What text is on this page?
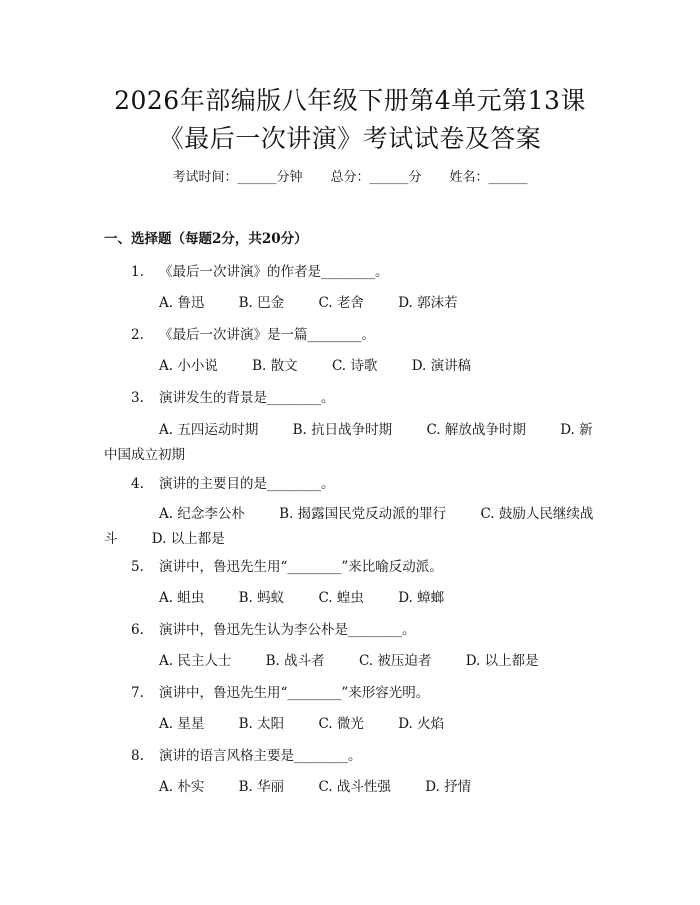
2026年部编版八年级下册第4单元第13课
《最后一次讲演》考试试卷及答案
考试时间：______分钟 总分：______分 姓名：______
一、选择题（每题2分，共20分）
1. 《最后一次讲演》的作者是________。
A. 鲁迅	B. 巴金	C. 老舍	D. 郭沫若
2. 《最后一次讲演》是一篇________。
A. 小小说	B. 散文	C. 诗歌	D. 演讲稿
3. 演讲发生的背景是________。
A. 五四运动时期	B. 抗日战争时期	C. 解放战争时期	D. 新中国成立初期
4. 演讲的主要目的是________。
A. 纪念李公朴	B. 揭露国民党反动派的罪行	C. 鼓励人民继续战斗	D. 以上都是
5. 演讲中，鲁迅先生用“________”来比喻反动派。
A. 蛆虫	B. 蚂蚁	C. 蝗虫	D. 蟑螂
6. 演讲中，鲁迅先生认为李公朴是________。
A. 民主人士	B. 战斗者	C. 被压迫者	D. 以上都是
7. 演讲中，鲁迅先生用“________”来形容光明。
A. 星星	B. 太阳	C. 微光	D. 火焰
8. 演讲的语言风格主要是________。
A. 朴实	B. 华丽	C. 战斗性强	D. 抒情
